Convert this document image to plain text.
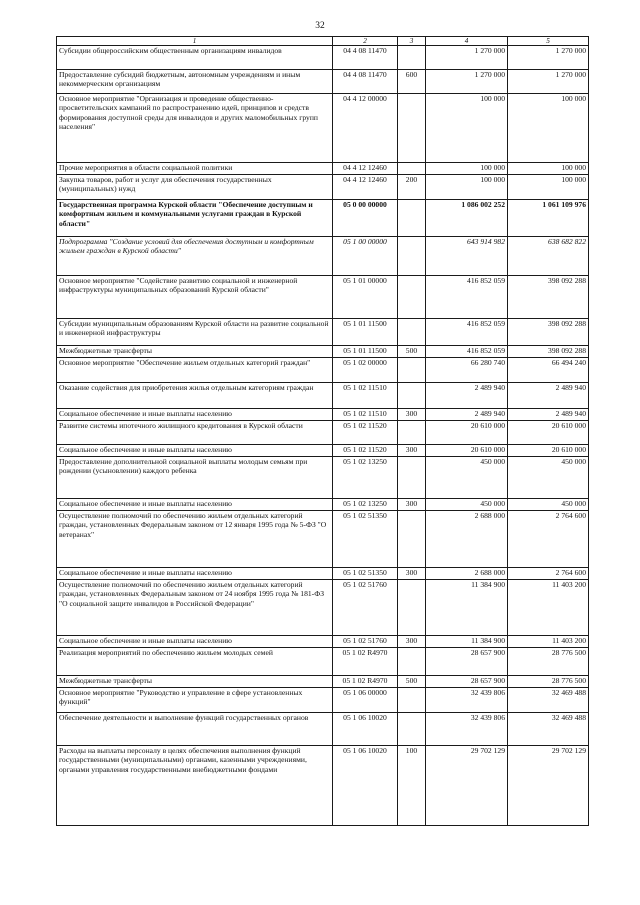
32
1	2	3	4	5
Субсидии общероссийским общественным организациям инвалидов	04 4 08 11470		1 270 000	1 270 000
Предоставление субсидий бюджетным, автономным учреждениям и иным некоммерческим организациям	04 4 08 11470	600	1 270 000	1 270 000
Основное мероприятие "Организация и проведение общественно-просветительских кампаний по распространению идей, принципов и средств формирования доступной среды для инвалидов и других маломобильных групп населения"	04 4 12 00000		100 000	100 000
Прочие мероприятия в области социальной политики	04 4 12 12460		100 000	100 000
Закупка товаров, работ и услуг для обеспечения государственных (муниципальных) нужд	04 4 12 12460	200	100 000	100 000
Государственная программа Курской области "Обеспечение доступным и комфортным жильем и коммунальными услугами граждан в Курской области"	05 0 00 00000		1 086 002 252	1 061 109 976
Подпрограмма "Создание условий для обеспечения доступным и комфортным жильем граждан в Курской области"	05 1 00 00000		643 914 982	638 682 822
Основное мероприятие "Содействие развитию социальной и инженерной инфраструктуры муниципальных образований Курской области"	05 1 01 00000		416 852 059	398 092 288
Субсидии муниципальным образованиям Курской области на развитие социальной и инженерной инфраструктуры	05 1 01 11500		416 852 059	398 092 288
Межбюджетные трансферты	05 1 01 11500	500	416 852 059	398 092 288
Основное мероприятие "Обеспечение жильем отдельных категорий граждан"	05 1 02 00000		66 280 740	66 494 240
Оказание содействия для приобретения жилья отдельным категориям граждан	05 1 02 11510		2 489 940	2 489 940
Социальное обеспечение и иные выплаты населению	05 1 02 11510	300	2 489 940	2 489 940
Развитие системы ипотечного жилищного кредитования в Курской области	05 1 02 11520		20 610 000	20 610 000
Социальное обеспечение и иные выплаты населению	05 1 02 11520	300	20 610 000	20 610 000
Предоставление дополнительной социальной выплаты молодым семьям при рождении (усыновлении) каждого ребенка	05 1 02 13250		450 000	450 000
Социальное обеспечение и иные выплаты населению	05 1 02 13250	300	450 000	450 000
Осуществление полномочий по обеспечению жильем отдельных категорий граждан, установленных Федеральным законом от 12 января 1995 года № 5-ФЗ "О ветеранах"	05 1 02 51350		2 688 000	2 764 600
Социальное обеспечение и иные выплаты населению	05 1 02 51350	300	2 688 000	2 764 600
Осуществление полномочий по обеспечению жильем отдельных категорий граждан, установленных Федеральным законом от 24 ноября 1995 года № 181-ФЗ "О социальной защите инвалидов в Российской Федерации"	05 1 02 51760		11 384 900	11 403 200
Социальное обеспечение и иные выплаты населению	05 1 02 51760	300	11 384 900	11 403 200
Реализация мероприятий по обеспечению жильем молодых семей	05 1 02 R4970		28 657 900	28 776 500
Межбюджетные трансферты	05 1 02 R4970	500	28 657 900	28 776 500
Основное мероприятие "Руководство и управление в сфере установленных функций"	05 1 06 00000		32 439 806	32 469 488
Обеспечение деятельности и выполнение функций государственных органов	05 1 06 10020		32 439 806	32 469 488
Расходы на выплаты персоналу в целях обеспечения выполнения функций государственными (муниципальными) органами, казенными учреждениями, органами управления государственными внебюджетными фондами	05 1 06 10020	100	29 702 129	29 702 129
